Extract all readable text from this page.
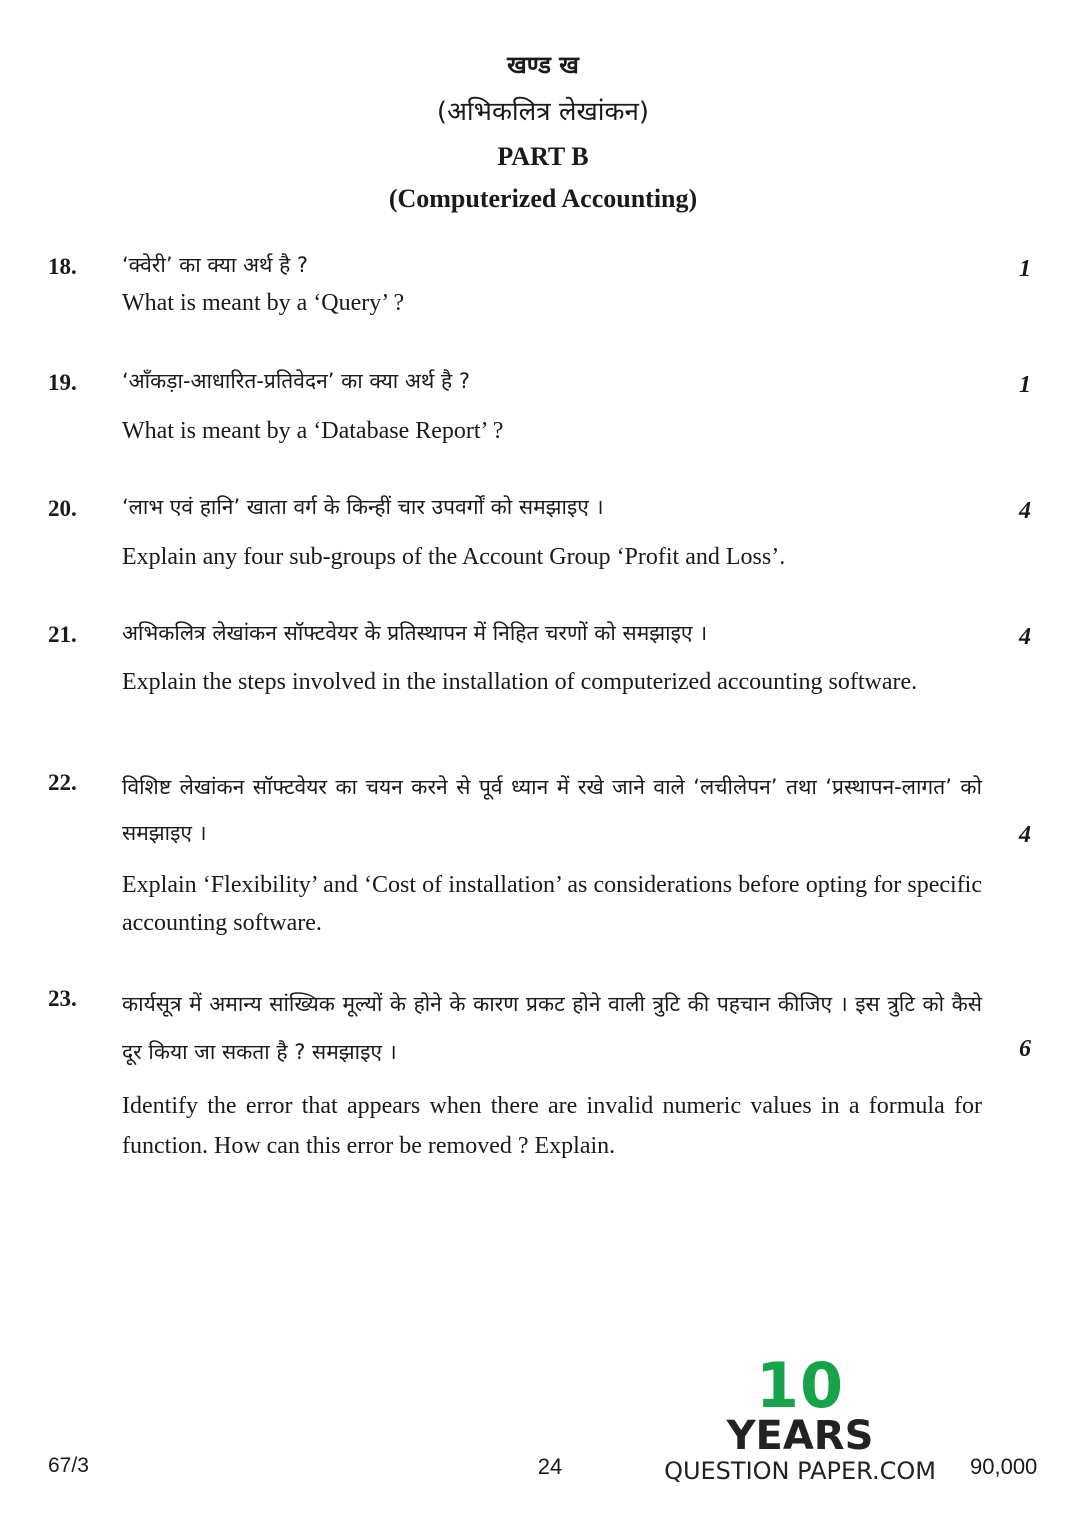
खण्ड ख
(अभिकलित्र लेखांकन)
PART B
(Computerized Accounting)
18. ‘क्वेरी’ का क्या अर्थ है ?
What is meant by a ‘Query’ ?
1
19. ‘आँकड़ा-आधारित-प्रतिवेदन’ का क्या अर्थ है ?
What is meant by a ‘Database Report’ ?
1
20. ‘लाभ एवं हानि’ खाता वर्ग के किन्हीं चार उपवर्गों को समझाइए ।
Explain any four sub-groups of the Account Group ‘Profit and Loss’.
4
21. अभिकलित्र लेखांकन सॉफ्टवेयर के प्रतिस्थापन में निहित चरणों को समझाइए ।
Explain the steps involved in the installation of computerized accounting software.
4
22. विशिष्ट लेखांकन सॉफ्टवेयर का चयन करने से पूर्व ध्यान में रखे जाने वाले ‘लचीलेपन’ तथा ‘प्रस्थापन-लागत’ को समझाइए ।
Explain ‘Flexibility’ and ‘Cost of installation’ as considerations before opting for specific accounting software.
4
23. कार्यसूत्र में अमान्य सांख्यिक मूल्यों के होने के कारण प्रकट होने वाली त्रुटि की पहचान कीजिए । इस त्रुटि को कैसे दूर किया जा सकता है ? समझाइए ।
Identify the error that appears when there are invalid numeric values in a formula for function. How can this error be removed ? Explain.
6
10
YEARS
QUESTION PAPER.COM
67/3	24	90,000
